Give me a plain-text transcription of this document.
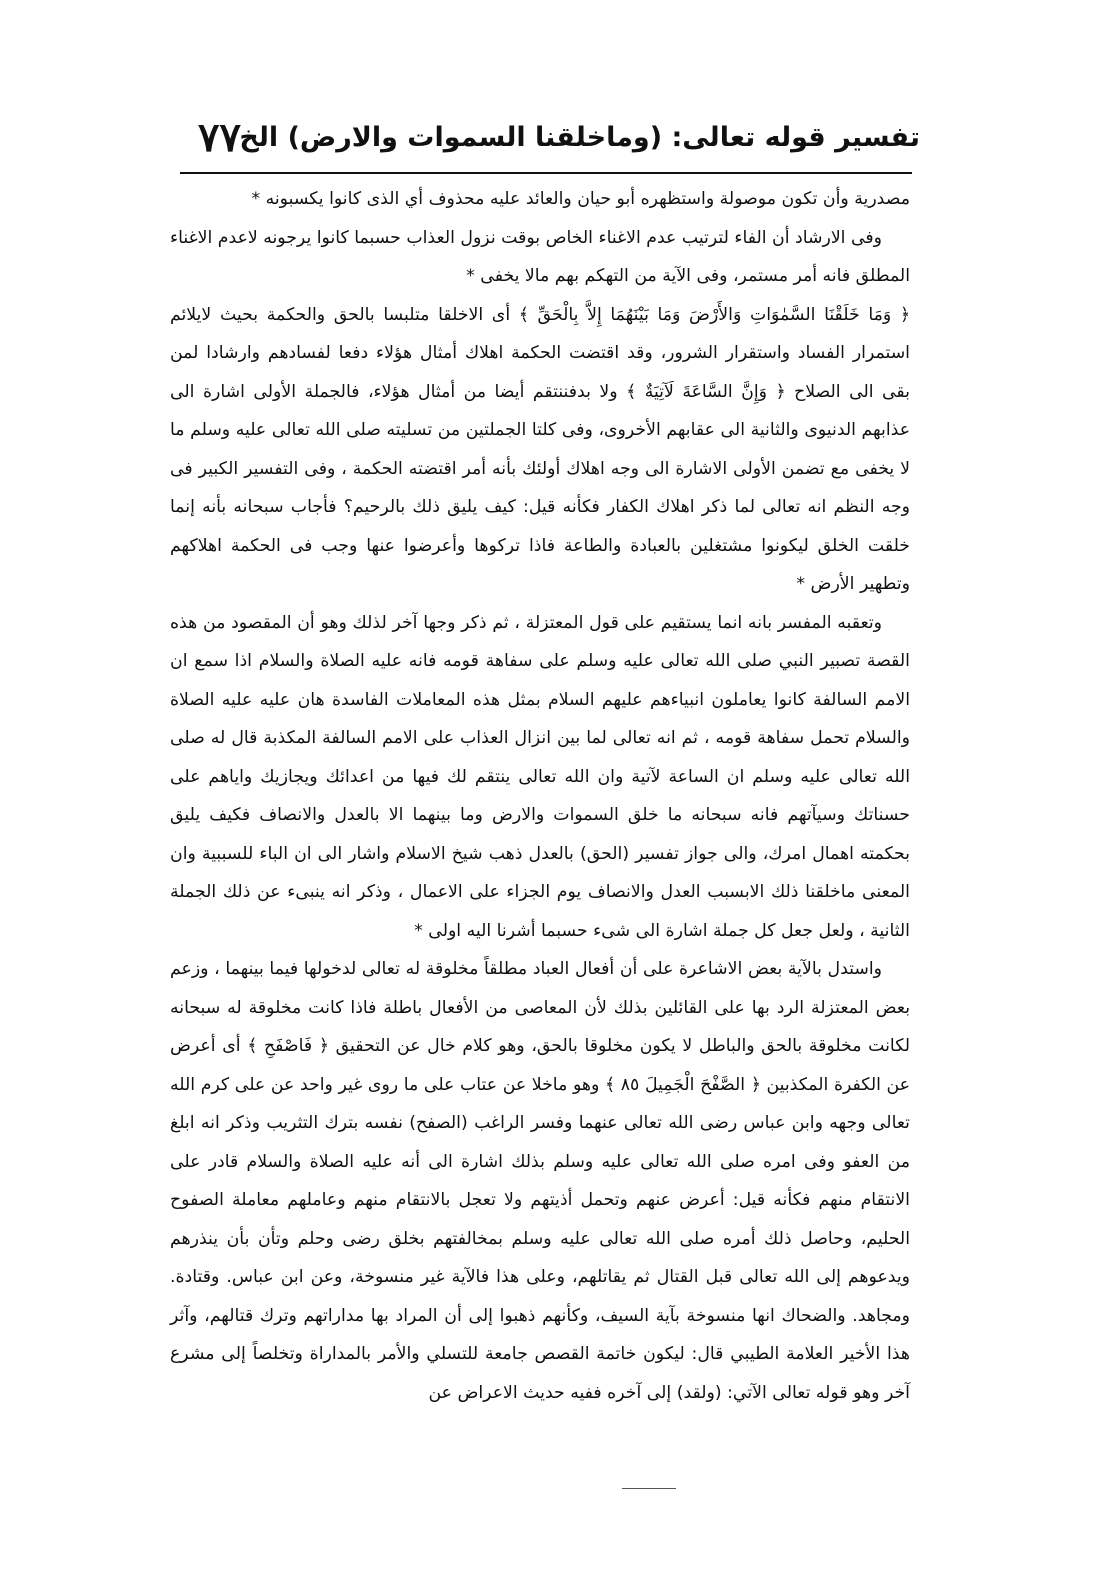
٧٧
تفسير قوله تعالى: (وماخلقنا السموات والارض) الخ

مصدرية وأن تكون موصولة واستظهره أبو حيان والعائد عليه محذوف أي الذى كانوا يكسبونه *

وفى الارشاد أن الفاء لترتيب عدم الاغناء الخاص بوقت نزول العذاب حسبما كانوا يرجونه لاعدم الاغناء المطلق فانه أمر مستمر، وفى الآية من التهكم بهم مالا يخفى *

﴿ وَمَا خَلَقْنَا السَّمٰوَاتِ وَالأَرْضَ وَمَا بَيْنَهُمَا إِلاَّ بِالْحَقِّ ﴾ أى الاخلقا متلبسا بالحق والحكمة بحيث لايلائم استمرار الفساد واستقرار الشرور، وقد اقتضت الحكمة اهلاك أمثال هؤلاء دفعا لفسادهم وارشادا لمن بقى الى الصلاح ﴿ وَإِنَّ السَّاعَةَ لَآتِيَةٌ ﴾ ولا بدفننتقم أيضا من أمثال هؤلاء، فالجملة الأولى اشارة الى عذابهم الدنيوى والثانية الى عقابهم الأخروى، وفى كلتا الجملتين من تسليته صلى الله تعالى عليه وسلم ما لا يخفى مع تضمن الأولى الاشارة الى وجه اهلاك أولئك بأنه أمر اقتضته الحكمة ، وفى التفسير الكبير فى وجه النظم انه تعالى لما ذكر اهلاك الكفار فكأنه قيل: كيف يليق ذلك بالرحيم؟ فأجاب سبحانه بأنه إنما خلقت الخلق ليكونوا مشتغلين بالعبادة والطاعة فاذا تركوها وأعرضوا عنها وجب فى الحكمة اهلاكهم وتطهير الأرض *

وتعقبه المفسر بانه انما يستقيم على قول المعتزلة ، ثم ذكر وجها آخر لذلك وهو أن المقصود من هذه القصة تصبير النبي صلى الله تعالى عليه وسلم على سفاهة قومه فانه عليه الصلاة والسلام اذا سمع ان الامم السالفة كانوا يعاملون انبياءهم عليهم السلام بمثل هذه المعاملات الفاسدة هان عليه عليه الصلاة والسلام تحمل سفاهة قومه ، ثم انه تعالى لما بين انزال العذاب على الامم السالفة المكذبة قال له صلى الله تعالى عليه وسلم ان الساعة لآتية وان الله تعالى ينتقم لك فيها من اعدائك ويجازيك واياهم على حسناتك وسيآتهم فانه سبحانه ما خلق السموات والارض وما بينهما الا بالعدل والانصاف فكيف يليق بحكمته اهمال امرك، والى جواز تفسير (الحق) بالعدل ذهب شيخ الاسلام واشار الى ان الباء للسببية وان المعنى ماخلقنا ذلك الابسبب العدل والانصاف يوم الجزاء على الاعمال ، وذكر انه ينبىء عن ذلك الجملة الثانية ، ولعل جعل كل جملة اشارة الى شىء حسبما أشرنا اليه اولى *

واستدل بالآية بعض الاشاعرة على أن أفعال العباد مطلقاً مخلوقة له تعالى لدخولها فيما بينهما ، وزعم بعض المعتزلة الرد بها على القائلين بذلك لأن المعاصى من الأفعال باطلة فاذا كانت مخلوقة له سبحانه لكانت مخلوقة بالحق والباطل لا يكون مخلوقا بالحق، وهو كلام خال عن التحقيق ﴿ فَاصْفَحِ ﴾ أى أعرض عن الكفرة المكذبين ﴿ الصَّفْحَ الْجَمِيلَ ٨٥ ﴾ وهو ماخلا عن عتاب على ما روى غير واحد عن على كرم الله تعالى وجهه وابن عباس رضى الله تعالى عنهما وفسر الراغب (الصفح) نفسه بترك التثريب وذكر انه ابلغ من العفو وفى امره صلى الله تعالى عليه وسلم بذلك اشارة الى أنه عليه الصلاة والسلام قادر على الانتقام منهم فكأنه قيل: أعرض عنهم وتحمل أذيتهم ولا تعجل بالانتقام منهم وعاملهم معاملة الصفوح الحليم، وحاصل ذلك أمره صلى الله تعالى عليه وسلم بمخالفتهم بخلق رضى وحلم وتأن بأن ينذرهم ويدعوهم إلى الله تعالى قبل القتال ثم يقاتلهم، وعلى هذا فالآية غير منسوخة، وعن ابن عباس. وقتادة. ومجاهد. والضحاك انها منسوخة بآية السيف، وكأنهم ذهبوا إلى أن المراد بها مداراتهم وترك قتالهم، وآثر هذا الأخير العلامة الطيبي قال: ليكون خاتمة القصص جامعة للتسلي والأمر بالمداراة وتخلصاً إلى مشرع آخر وهو قوله تعالى الآتي: (ولقد) إلى آخره ففيه حديث الاعراض عن
